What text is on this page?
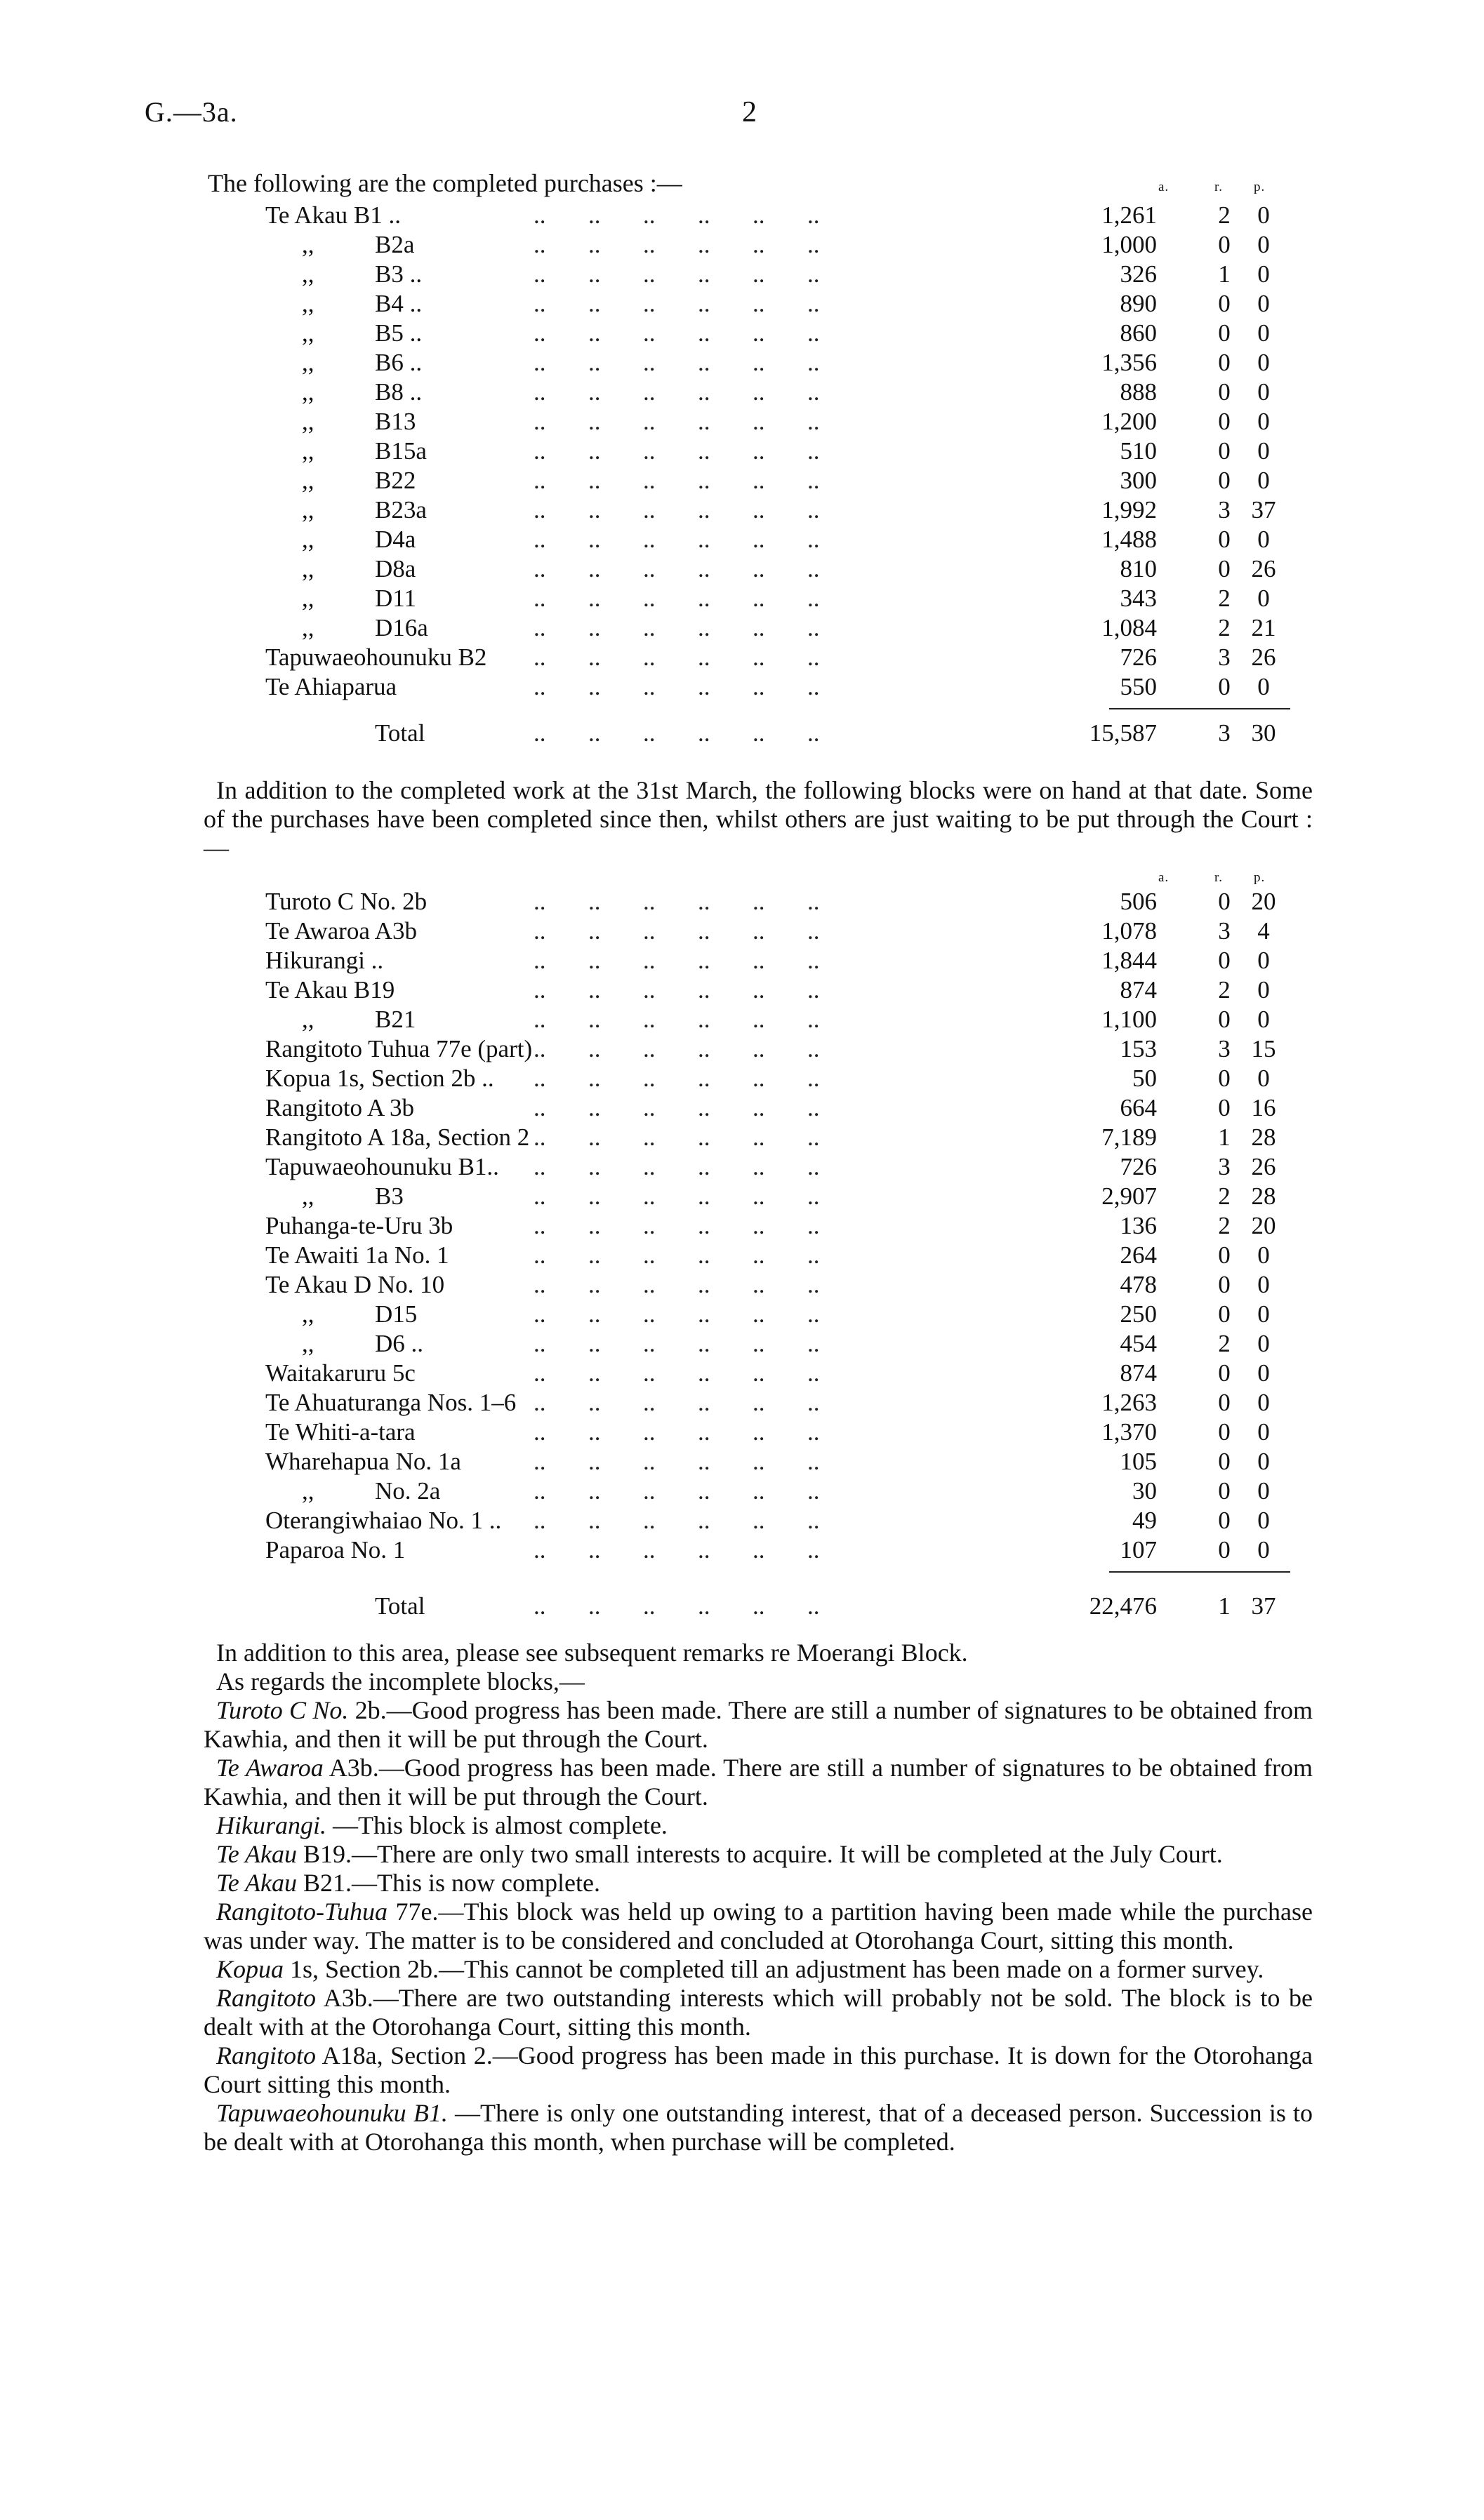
G.—3a.	2
The following are the completed purchases :—	a.	r. p.
Te Akau B1 ..	.. .. .. .. .. ..	1,261 2	0
,, B2a	.. .. .. .. .. ..	1,000 0	0
,, B3 ..	.. .. .. .. .. ..	326 1	0
,, B4 ..	.. .. .. .. .. ..	890 0	0
,, B5 ..	.. .. .. .. .. ..	860 0	0
,, B6 ..	.. .. .. .. .. ..	1,356 0	0
,, B8 ..	.. .. .. .. .. ..	888 0	0
,, B13	.. .. .. .. .. ..	1,200 0	0
,, B15a	.. .. .. .. .. ..	510 0	0
,, B22	.. .. .. .. .. ..	300 0	0
,, B23a	.. .. .. .. .. ..	1,992 3 37
,, D4a	.. .. .. .. .. ..	1,488 0	0
,, D8a	.. .. .. .. .. ..	810 0 26
,, D11	.. .. .. .. .. ..	343 2	0
,, D16a	.. .. .. .. .. ..	1,084 2 21
Tapuwaeohounuku B2 .. .. .. .. .. ..	726 3 26
Te Ahiaparua	.. .. .. .. .. ..	550 0	0
Total	.. .. .. .. .. ..	15,587 3 30

In addition to the completed work at the 31st March, the following blocks were on hand at that date. Some of the purchases have been completed since then, whilst others are just waiting to be put through the Court :—

a.	r. p.
Turoto C No. 2b	.. .. .. .. .. ..	506 0 20
Te Awaroa A3b	.. .. .. .. .. ..	1,078 3	4
Hikurangi ..	.. .. .. .. .. ..	1,844 0	0
Te Akau B19	.. .. .. .. .. ..	874 2	0
,, B21	.. .. .. .. .. ..	1,100 0	0
Rangitoto Tuhua 77e (part) .. .. .. .. .. ..	153 3 15
Kopua 1s, Section 2b .. .. .. .. .. .. ..	50 0	0
Rangitoto A 3b	.. .. .. .. .. ..	664 0 16
Rangitoto A 18a, Section 2 .. .. .. .. .. ..	7,189 1 28
Tapuwaeohounuku B1.. .. .. .. .. .. ..	726 3 26
,, B3	.. .. .. .. .. ..	2,907 2 28
Puhanga-te-Uru 3b	.. .. .. .. .. ..	136 2 20
Te Awaiti 1a No. 1	.. .. .. .. .. ..	264 0	0
Te Akau D No. 10	.. .. .. .. .. ..	478 0	0
,, D15	.. .. .. .. .. ..	250 0	0
,, D6 ..	.. .. .. .. .. ..	454 2	0
Waitakaruru 5c	.. .. .. .. .. ..	874 0	0
Te Ahuaturanga Nos. 1–6 .. .. .. .. .. ..	1,263 0	0
Te Whiti-a-tara	.. .. .. .. .. ..	1,370 0	0
Wharehapua No. 1a	.. .. .. .. .. ..	105 0	0
,, No. 2a	.. .. .. .. .. ..	30 0	0
Oterangiwhaiao No. 1 .. .. .. .. .. .. ..	49 0	0
Paparoa No. 1	.. .. .. .. .. ..	107 0	0
Total	.. .. .. .. .. ..	22,476 1 37

In addition to this area, please see subsequent remarks re Moerangi Block.

As regards the incomplete blocks,—

Turoto C No. 2b.—Good progress has been made. There are still a number of signatures to be obtained from Kawhia, and then it will be put through the Court.

Te Awaroa A3b.—Good progress has been made. There are still a number of signatures to be obtained from Kawhia, and then it will be put through the Court.

Hikurangi. —This block is almost complete.

Te Akau B19.—There are only two small interests to acquire. It will be completed at the July Court.

Te Akau B21.—This is now complete.

Rangitoto-Tuhua 77e.—This block was held up owing to a partition having been made while the purchase was under way. The matter is to be considered and concluded at Otorohanga Court, sitting this month.

Kopua 1s, Section 2b.—This cannot be completed till an adjustment has been made on a former survey.

Rangitoto A3b.—There are two outstanding interests which will probably not be sold. The block is to be dealt with at the Otorohanga Court, sitting this month.

Rangitoto A18a, Section 2.—Good progress has been made in this purchase. It is down for the Otorohanga Court sitting this month.

Tapuwaeohounuku B1. —There is only one outstanding interest, that of a deceased person. Succession is to be dealt with at Otorohanga this month, when purchase will be completed.
